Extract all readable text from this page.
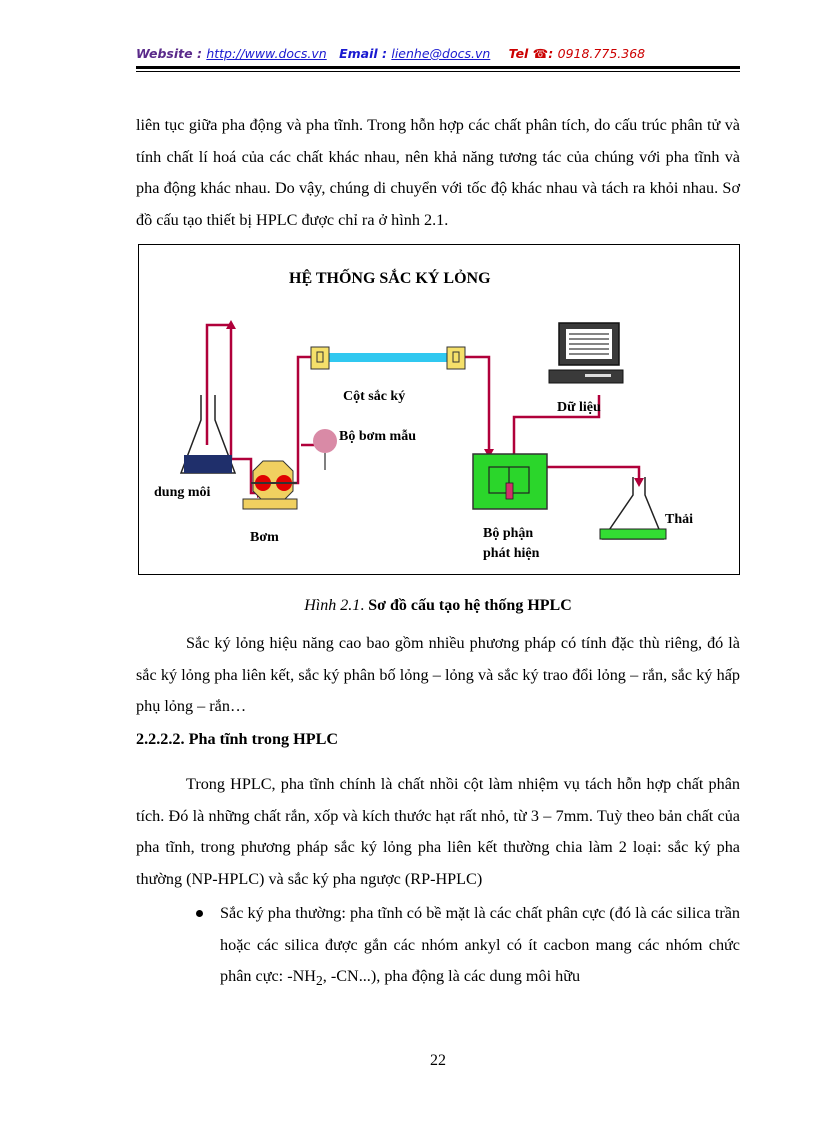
Website : http://www.docs.vn Email : lienhe@docs.vn Tel ☎: 0918.775.368
liên tục giữa pha động và pha tĩnh. Trong hỗn hợp các chất phân tích, do cấu trúc phân tử và tính chất lí hoá của các chất khác nhau, nên khả năng tương tác của chúng với pha tĩnh và pha động khác nhau. Do vậy, chúng di chuyển với tốc độ khác nhau và tách ra khỏi nhau. Sơ đồ cấu tạo thiết bị HPLC được chỉ ra ở hình 2.1.
HỆ THỐNG SẮC KÝ LỎNG
dung môi
Bơm
Cột sắc ký
Bộ bơm mẫu
Dữ liệu
Bộ phận
phát hiện
Thải
Hình 2.1. Sơ đồ cấu tạo hệ thống HPLC
Sắc ký lỏng hiệu năng cao bao gồm nhiều phương pháp có tính đặc thù riêng, đó là sắc ký lỏng pha liên kết, sắc ký phân bố lỏng – lỏng và sắc ký trao đổi lỏng – rắn, sắc ký hấp phụ lỏng – rắn…
2.2.2.2. Pha tĩnh trong HPLC
Trong HPLC, pha tĩnh chính là chất nhồi cột làm nhiệm vụ tách hỗn hợp chất phân tích. Đó là những chất rắn, xốp và kích thước hạt rất nhỏ, từ 3 – 7mm. Tuỳ theo bản chất của pha tĩnh, trong phương pháp sắc ký lỏng pha liên kết thường chia làm 2 loại: sắc ký pha thường (NP-HPLC) và sắc ký pha ngược (RP-HPLC)
Sắc ký pha thường: pha tĩnh có bề mặt là các chất phân cực (đó là các silica trần hoặc các silica được gắn các nhóm ankyl có ít cacbon mang các nhóm chức phân cực: $-NH_2$, -CN...), pha động là các dung môi hữu
22
